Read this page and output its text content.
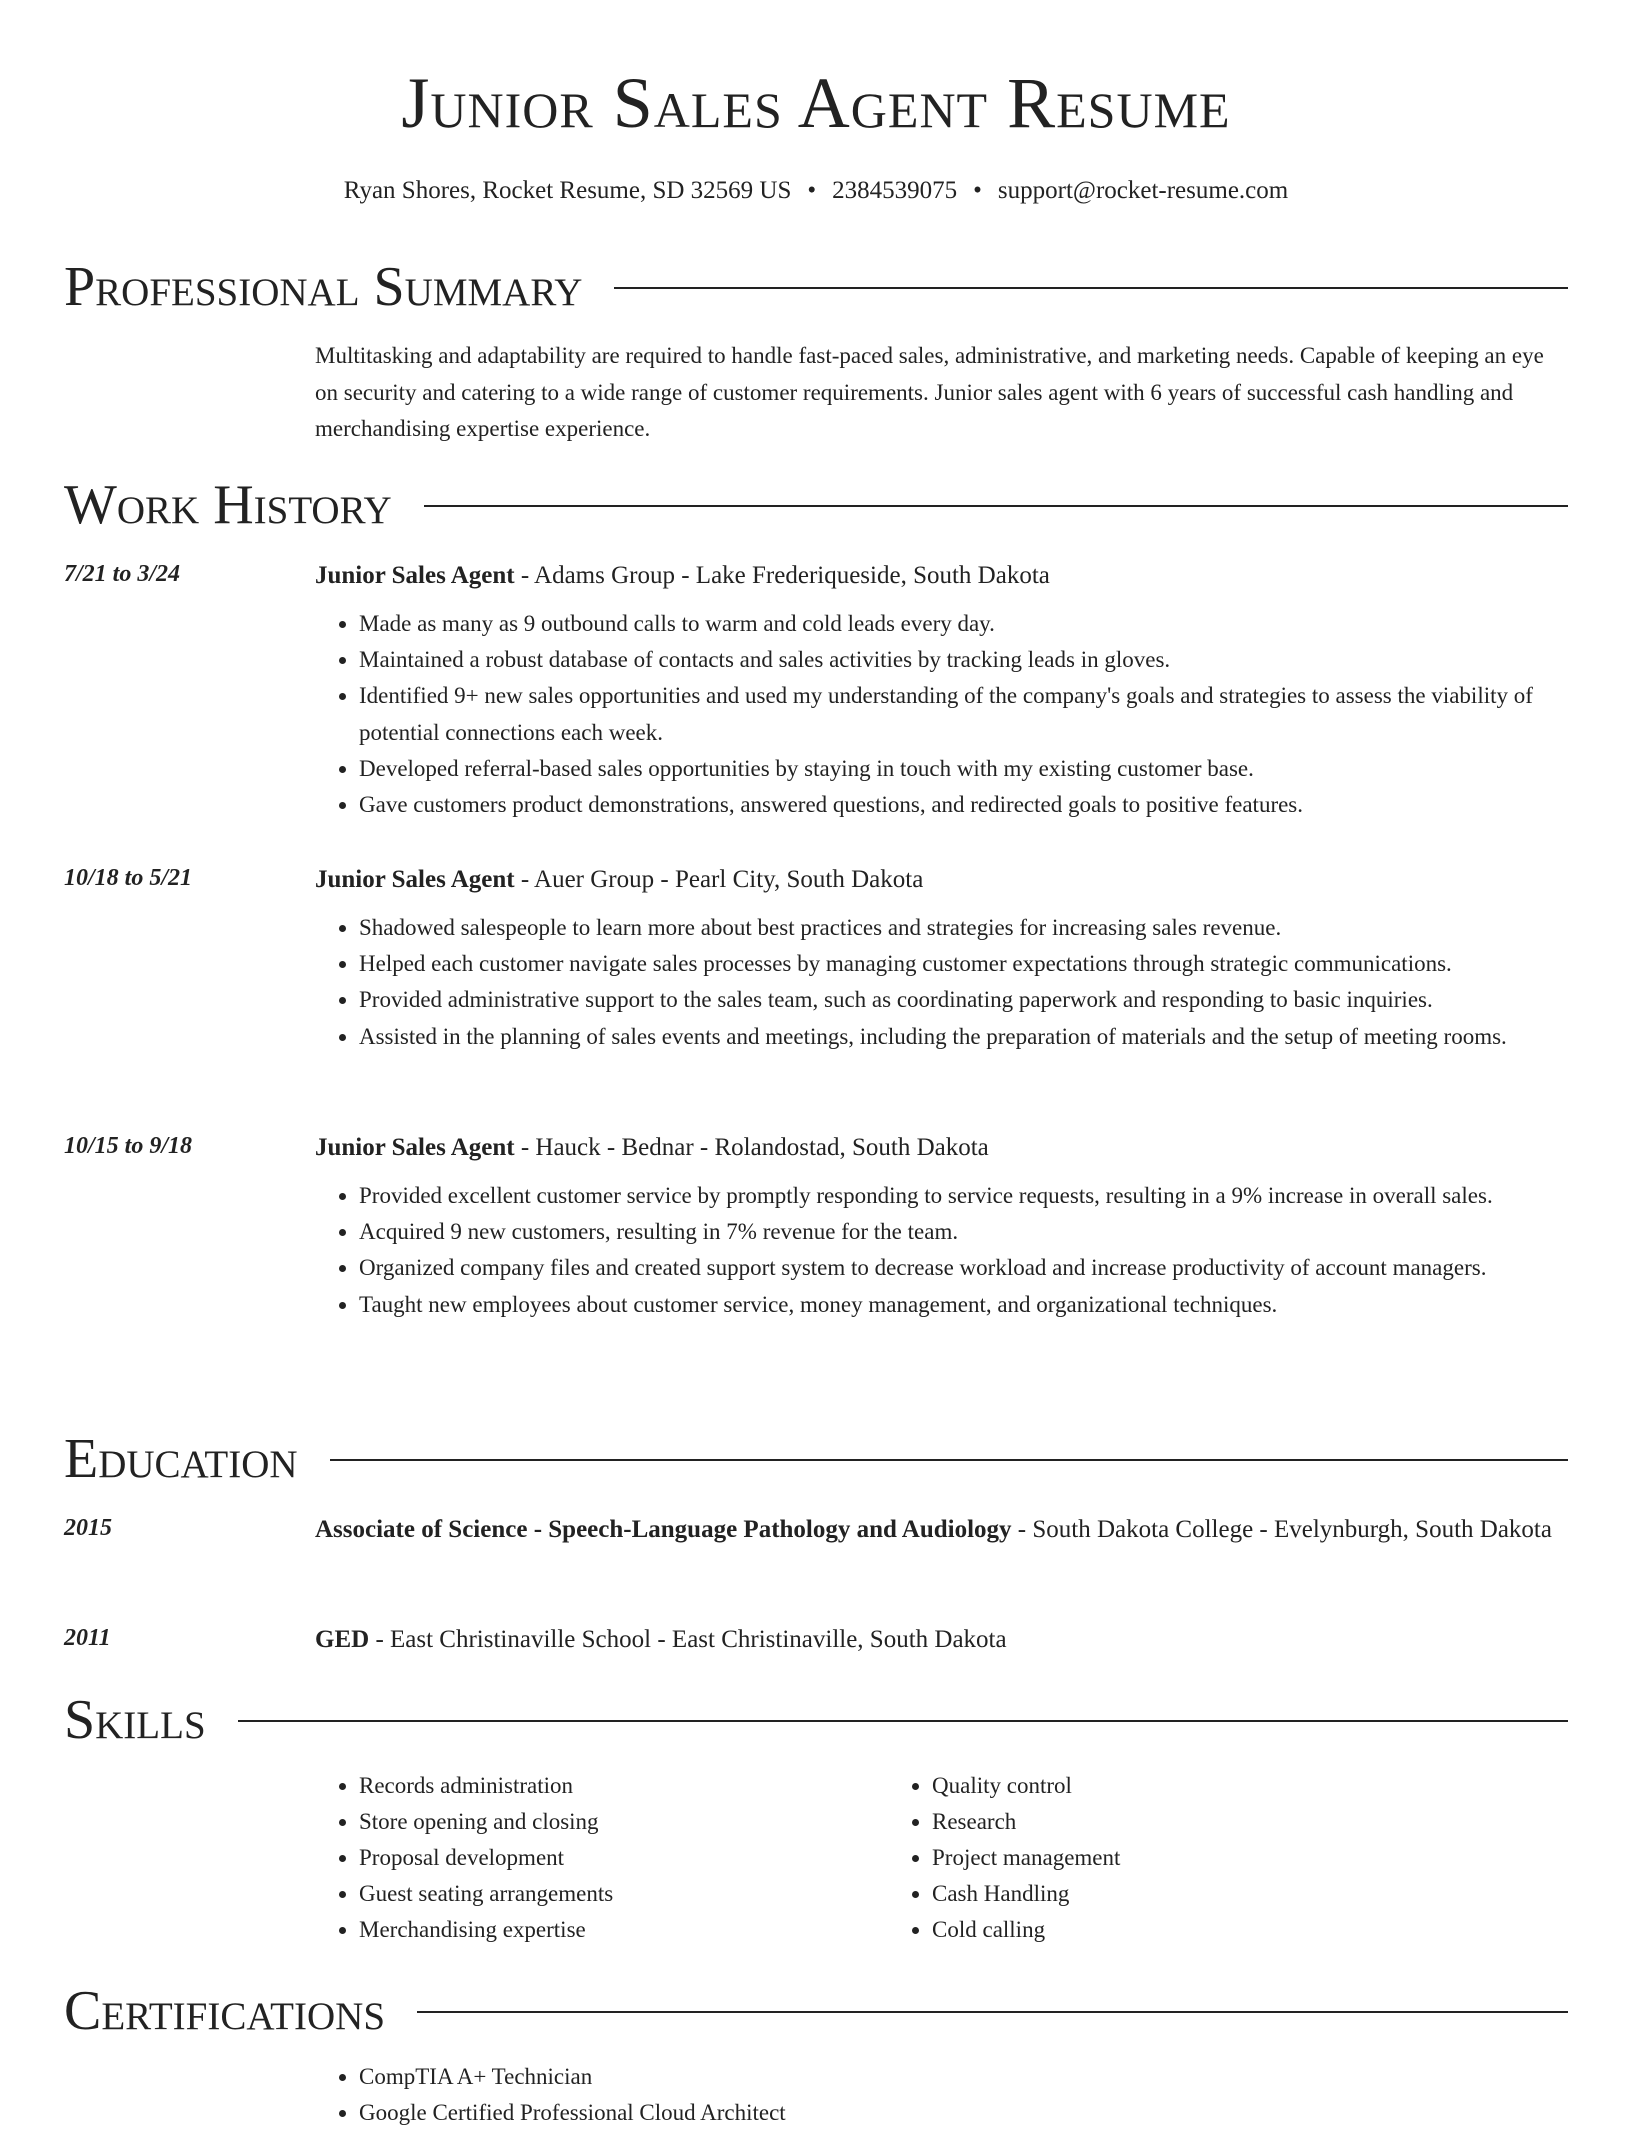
Junior Sales Agent Resume
Ryan Shores, Rocket Resume, SD 32569 US • 2384539075 • support@rocket-resume.com
Professional Summary
Multitasking and adaptability are required to handle fast-paced sales, administrative, and marketing needs. Capable of keeping an eye on security and catering to a wide range of customer requirements. Junior sales agent with 6 years of successful cash handling and merchandising expertise experience.
Work History
7/21 to 3/24	Junior Sales Agent - Adams Group - Lake Frederiqueside, South Dakota
• Made as many as 9 outbound calls to warm and cold leads every day.
• Maintained a robust database of contacts and sales activities by tracking leads in gloves.
• Identified 9+ new sales opportunities and used my understanding of the company's goals and strategies to assess the viability of potential connections each week.
• Developed referral-based sales opportunities by staying in touch with my existing customer base.
• Gave customers product demonstrations, answered questions, and redirected goals to positive features.
10/18 to 5/21	Junior Sales Agent - Auer Group - Pearl City, South Dakota
• Shadowed salespeople to learn more about best practices and strategies for increasing sales revenue.
• Helped each customer navigate sales processes by managing customer expectations through strategic communications.
• Provided administrative support to the sales team, such as coordinating paperwork and responding to basic inquiries.
• Assisted in the planning of sales events and meetings, including the preparation of materials and the setup of meeting rooms.
10/15 to 9/18	Junior Sales Agent - Hauck - Bednar - Rolandostad, South Dakota
• Provided excellent customer service by promptly responding to service requests, resulting in a 9% increase in overall sales.
• Acquired 9 new customers, resulting in 7% revenue for the team.
• Organized company files and created support system to decrease workload and increase productivity of account managers.
• Taught new employees about customer service, money management, and organizational techniques.
Education
2015	Associate of Science - Speech-Language Pathology and Audiology - South Dakota College - Evelynburgh, South Dakota
2011	GED - East Christinaville School - East Christinaville, South Dakota
Skills
• Records administration
• Store opening and closing
• Proposal development
• Guest seating arrangements
• Merchandising expertise
• Quality control
• Research
• Project management
• Cash Handling
• Cold calling
Certifications
• CompTIA A+ Technician
• Google Certified Professional Cloud Architect
